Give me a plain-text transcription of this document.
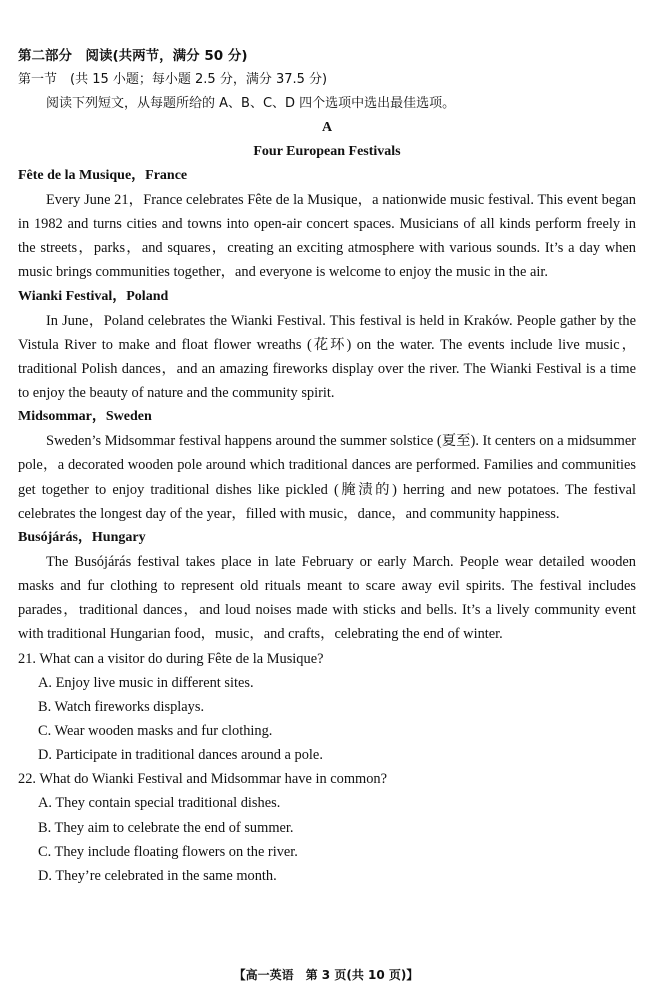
第二部分　阅读(共两节，满分 50 分)
第一节　(共 15 小题；每小题 2.5 分，满分 37.5 分)
阅读下列短文，从每题所给的 A、B、C、D 四个选项中选出最佳选项。
A
Four European Festivals
Fête de la Musique，France

Every June 21，France celebrates Fête de la Musique，a nationwide music festival. This event began in 1982 and turns cities and towns into open-air concert spaces. Musicians of all kinds perform freely in the streets，parks，and squares，creating an exciting atmosphere with various sounds. It’s a day when music brings communities together，and everyone is welcome to enjoy the music in the air.

Wianki Festival，Poland

In June，Poland celebrates the Wianki Festival. This festival is held in Kraków. People gather by the Vistula River to make and float flower wreaths (花环) on the water. The events include live music，traditional Polish dances，and an amazing fireworks display over the river. The Wianki Festival is a time to enjoy the beauty of nature and the community spirit.

Midsommar，Sweden

Sweden’s Midsommar festival happens around the summer solstice (夏至). It centers on a midsummer pole，a decorated wooden pole around which traditional dances are performed. Families and communities get together to enjoy traditional dishes like pickled (腌渍的) herring and new potatoes. The festival celebrates the longest day of the year，filled with music，dance，and community happiness.

Busójárás，Hungary

The Busójárás festival takes place in late February or early March. People wear detailed wooden masks and fur clothing to represent old rituals meant to scare away evil spirits. The festival includes parades，traditional dances，and loud noises made with sticks and bells. It’s a lively community event with traditional Hungarian food，music，and crafts，celebrating the end of winter.

21. What can a visitor do during Fête de la Musique?
A. Enjoy live music in different sites.
B. Watch fireworks displays.
C. Wear wooden masks and fur clothing.
D. Participate in traditional dances around a pole.
22. What do Wianki Festival and Midsommar have in common?
A. They contain special traditional dishes.
B. They aim to celebrate the end of summer.
C. They include floating flowers on the river.
D. They’re celebrated in the same month.
【高一英语　第 3 页(共 10 页)】
